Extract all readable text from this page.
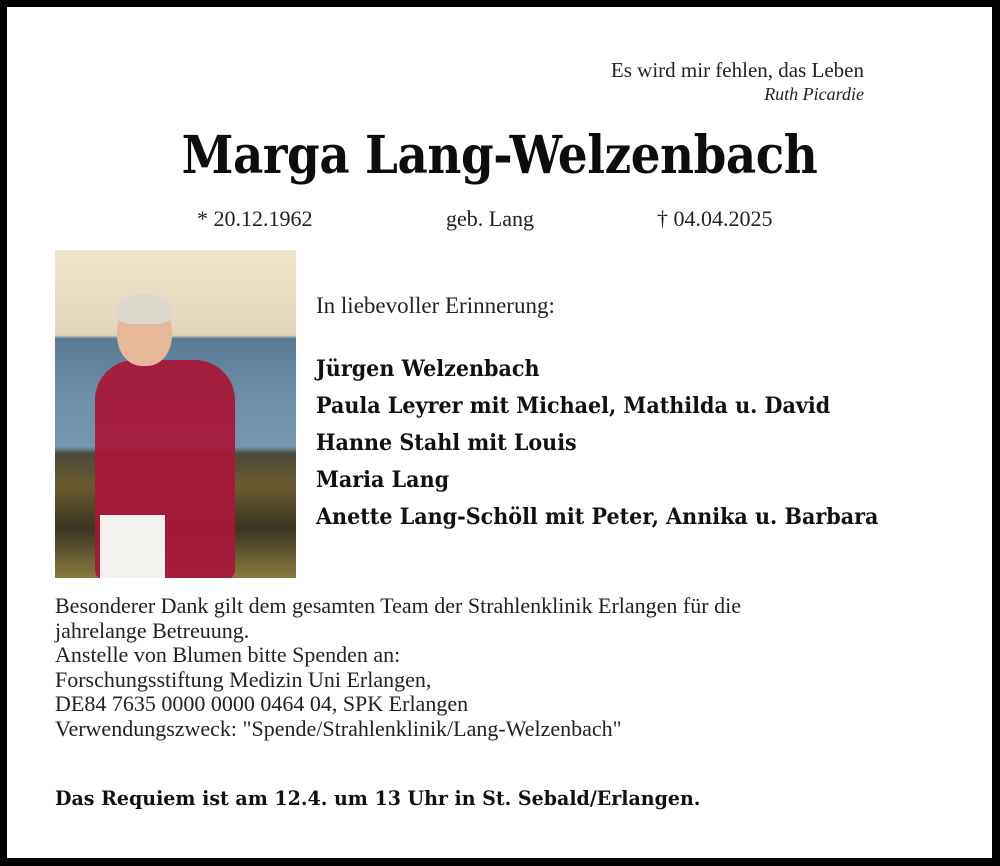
Es wird mir fehlen, das Leben
Ruth Picardie
Marga Lang-Welzenbach
* 20.12.1962	geb. Lang	† 04.04.2025
In liebevoller Erinnerung:
Jürgen Welzenbach
Paula Leyrer mit Michael, Mathilda u. David
Hanne Stahl mit Louis
Maria Lang
Anette Lang-Schöll mit Peter, Annika u. Barbara
Besonderer Dank gilt dem gesamten Team der Strahlenklinik Erlangen für die
jahrelange Betreuung.
Anstelle von Blumen bitte Spenden an:
Forschungsstiftung Medizin Uni Erlangen,
DE84 7635 0000 0000 0464 04, SPK Erlangen
Verwendungszweck: "Spende/Strahlenklinik/Lang-Welzenbach"
Das Requiem ist am 12.4. um 13 Uhr in St. Sebald/Erlangen.
